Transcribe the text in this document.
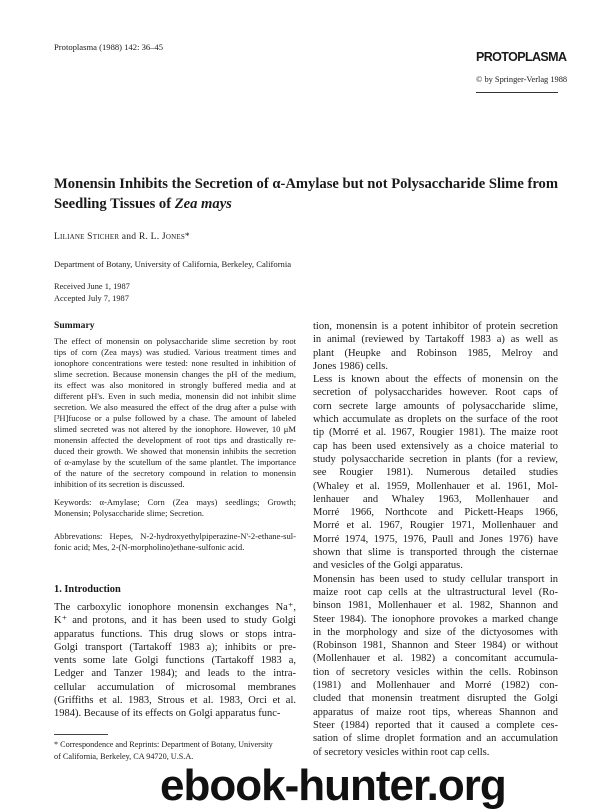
Protoplasma (1988) 142: 36–45
PROTOPLASMA
© by Springer-Verlag 1988
Monensin Inhibits the Secretion of α-Amylase but not Polysaccharide Slime from
Seedling Tissues of Zea mays
Liliane Sticher and R. L. Jones*
Department of Botany, University of California, Berkeley, California
Received June 1, 1987
Accepted July 7, 1987
Summary
The effect of monensin on polysaccharide slime secretion by root
tips of corn (Zea mays) was studied. Various treatment times and
ionophore concentrations were tested: none resulted in inhibition of
slime secretion. Because monensin changes the pH of the medium,
its effect was also monitored in strongly buffered media and at
different pH's. Even in such media, monensin did not inhibit slime
secretion. We also measured the effect of the drug after a pulse with
[³H]fucose or a pulse followed by a chase. The amount of labeled
slimed secreted was not altered by the ionophore. However, 10 μM
monensin affected the development of root tips and drastically re-
duced their growth. We showed that monensin inhibits the secretion
of α-amylase by the scutellum of the same plantlet. The importance
of the nature of the secretory compound in relation to monensin
inhibition of its secretion is discussed.
Keywords: α-Amylase; Corn (Zea mays) seedlings; Growth;
Monensin; Polysaccharide slime; Secretion.
Abbrevations: Hepes, N-2-hydroxyethylpiperazine-N'-2-ethane-sul-
fonic acid; Mes, 2-(N-morpholino)ethane-sulfonic acid.
1. Introduction
The carboxylic ionophore monensin exchanges Na⁺,
K⁺ and protons, and it has been used to study Golgi
apparatus functions. This drug slows or stops intra-
Golgi transport (Tartakoff 1983 a); inhibits or pre-
vents some late Golgi functions (Tartakoff 1983 a,
Ledger and Tanzer 1984); and leads to the intra-
cellular accumulation of microsomal membranes
(Griffiths et al. 1983, Strous et al. 1983, Orci et al.
1984). Because of its effects on Golgi apparatus func-
tion, monensin is a potent inhibitor of protein secretion
in animal (reviewed by Tartakoff 1983 a) as well as
plant (Heupke and Robinson 1985, Melroy and
Jones 1986) cells.
Less is known about the effects of monensin on the
secretion of polysaccharides however. Root caps of
corn secrete large amounts of polysaccharide slime,
which accumulate as droplets on the surface of the root
tip (Morré et al. 1967, Rougier 1981). The maize root
cap has been used extensively as a choice material to
study polysaccharide secretion in plants (for a review,
see Rougier 1981). Numerous detailed studies
(Whaley et al. 1959, Mollenhauer et al. 1961, Mol-
lenhauer and Whaley 1963, Mollenhauer and
Morré 1966, Northcote and Pickett-Heaps 1966,
Morré et al. 1967, Rougier 1971, Mollenhauer and
Morré 1974, 1975, 1976, Paull and Jones 1976) have
shown that slime is transported through the cisternae
and vesicles of the Golgi apparatus.
Monensin has been used to study cellular transport in
maize root cap cells at the ultrastructural level (Ro-
binson 1981, Mollenhauer et al. 1982, Shannon and
Steer 1984). The ionophore provokes a marked change
in the morphology and size of the dictyosomes with
(Robinson 1981, Shannon and Steer 1984) or without
(Mollenhauer et al. 1982) a concomitant accumula-
tion of secretory vesicles within the cells. Robinson
(1981) and Mollenhauer and Morré (1982) con-
cluded that monensin treatment disrupted the Golgi
apparatus of maize root tips, whereas Shannon and
Steer (1984) reported that it caused a complete ces-
sation of slime droplet formation and an accumulation
of secretory vesicles within root cap cells.
* Correspondence and Reprints: Department of Botany, University
of California, Berkeley, CA 94720, U.S.A.
ebook-hunter.org
